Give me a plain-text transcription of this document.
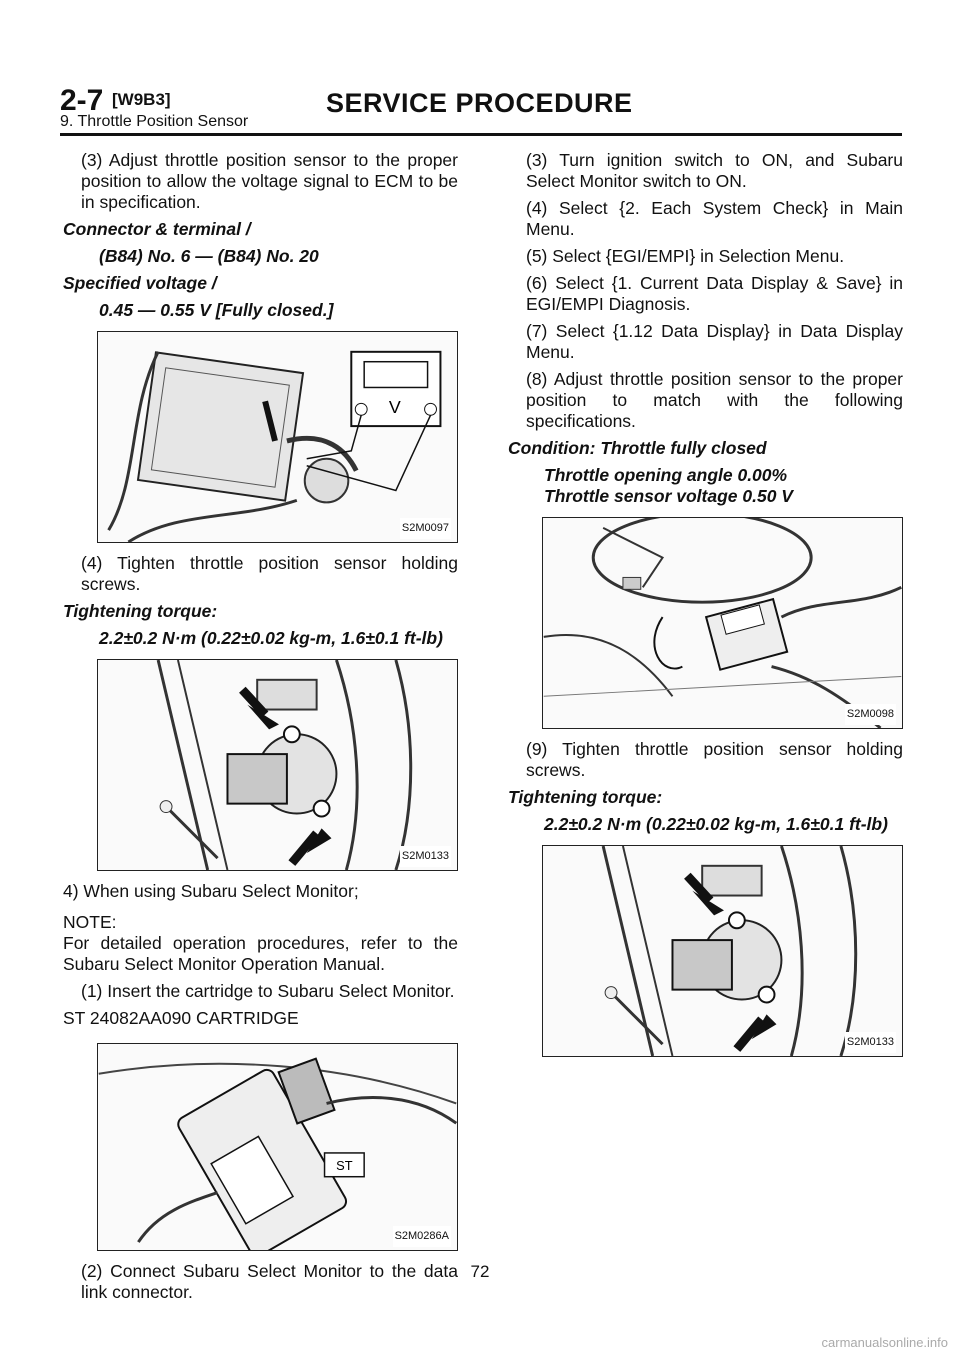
2-7 [W9B3]	SERVICE PROCEDURE
9. Throttle Position Sensor

(3) Adjust throttle position sensor to the proper position to allow the voltage signal to ECM to be in specification.

Connector & terminal /

(B84) No. 6 — (B84) No. 20

Specified voltage /

0.45 — 0.55 V [Fully closed.]

V
S2M0097

(4) Tighten throttle position sensor holding screws.

Tightening torque:

2.2±0.2 N·m (0.22±0.02 kg-m, 1.6±0.1 ft-lb)

S2M0133

4) When using Subaru Select Monitor;

NOTE:

For detailed operation procedures, refer to the Subaru Select Monitor Operation Manual.

(1) Insert the cartridge to Subaru Select Monitor.

ST 24082AA090 CARTRIDGE

ST
S2M0286A

(2) Connect Subaru Select Monitor to the data link connector.

(3) Turn ignition switch to ON, and Subaru Select Monitor switch to ON.

(4) Select {2. Each System Check} in Main Menu.

(5) Select {EGI/EMPI} in Selection Menu.

(6) Select {1. Current Data Display & Save} in EGI/EMPI Diagnosis.

(7) Select {1.12 Data Display} in Data Display Menu.

(8) Adjust throttle position sensor to the proper position to match with the following specifications.

Condition: Throttle fully closed

Throttle opening angle 0.00%

Throttle sensor voltage 0.50 V

S2M0098

(9) Tighten throttle position sensor holding screws.

Tightening torque:

2.2±0.2 N·m (0.22±0.02 kg-m, 1.6±0.1 ft-lb)

S2M0133
72
carmanualsonline.info
